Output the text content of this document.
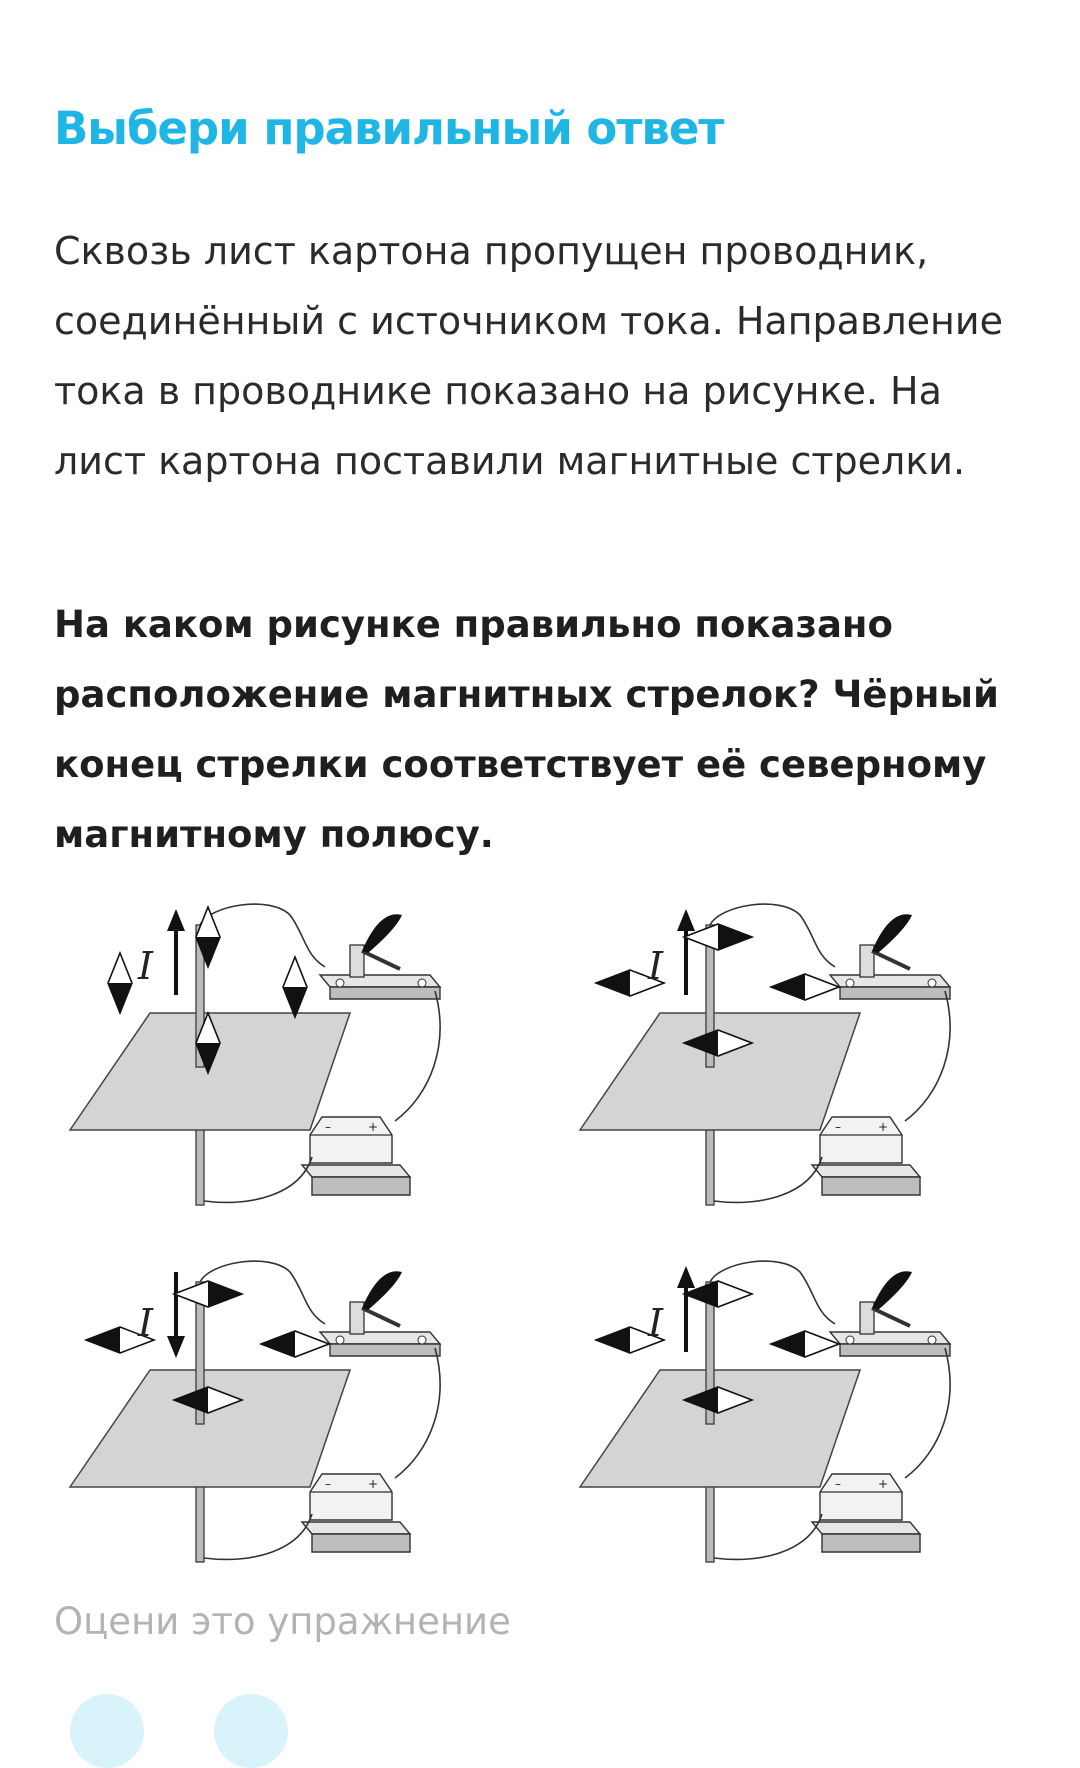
Выбери правильный ответ

Сквозь лист картона пропущен проводник, соединённый с источником тока. Направление тока в проводнике показано на рисунке. На лист картона поставили магнитные стрелки.

На каком рисунке правильно показано расположение магнитных стрелок? Чёрный конец стрелки соответствует её северному магнитному полюсу.

–	+
I
–	+
I
–	+
I
–	+
I

Оцени это упражнение
